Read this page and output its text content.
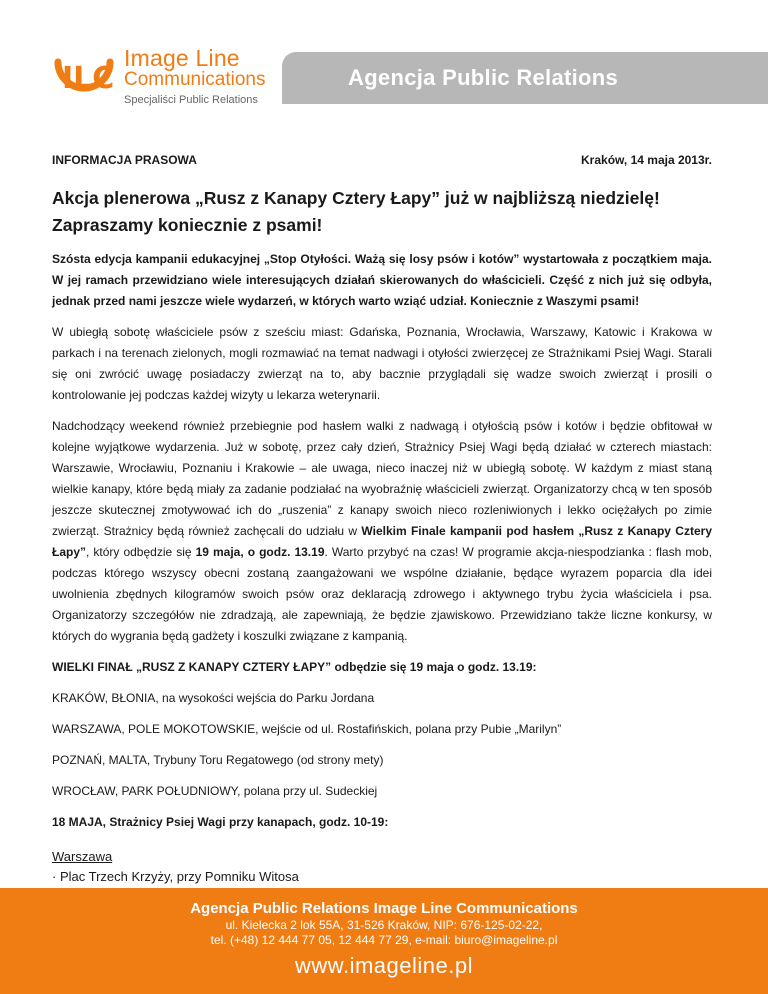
ILC
Image Line
Communications
Specjaliści Public Relations
Agencja Public Relations
INFORMACJA PRASOWA	Kraków, 14 maja 2013r.
Akcja plenerowa „Rusz z Kanapy Cztery Łapy” już w najbliższą niedzielę!
Zapraszamy koniecznie z psami!

Szósta edycja kampanii edukacyjnej „Stop Otyłości. Ważą się losy psów i kotów” wystartowała z początkiem maja. W jej ramach przewidziano wiele interesujących działań skierowanych do właścicieli. Część z nich już się odbyła, jednak przed nami jeszcze wiele wydarzeń, w których warto wziąć udział. Koniecznie z Waszymi psami!

W ubiegłą sobotę właściciele psów z sześciu miast: Gdańska, Poznania, Wrocławia, Warszawy, Katowic i Krakowa w parkach i na terenach zielonych, mogli rozmawiać na temat nadwagi i otyłości zwierzęcej ze Strażnikami Psiej Wagi. Starali się oni zwrócić uwagę posiadaczy zwierząt na to, aby bacznie przyglądali się wadze swoich zwierząt i prosili o kontrolowanie jej podczas każdej wizyty u lekarza weterynarii.

Nadchodzący weekend również przebiegnie pod hasłem walki z nadwagą i otyłością psów i kotów i będzie obfitował w kolejne wyjątkowe wydarzenia. Już w sobotę, przez cały dzień, Strażnicy Psiej Wagi będą działać w czterech miastach: Warszawie, Wrocławiu, Poznaniu i Krakowie – ale uwaga, nieco inaczej niż w ubiegłą sobotę. W każdym z miast staną wielkie kanapy, które będą miały za zadanie podziałać na wyobraźnię właścicieli zwierząt. Organizatorzy chcą w ten sposób jeszcze skutecznej zmotywować ich do „ruszenia” z kanapy swoich nieco rozleniwionych i lekko ociężałych po zimie zwierząt. Strażnicy będą również zachęcali do udziału w Wielkim Finale kampanii pod hasłem „Rusz z Kanapy Cztery Łapy”, który odbędzie się 19 maja, o godz. 13.19. Warto przybyć na czas! W programie akcja-niespodzianka : flash mob, podczas którego wszyscy obecni zostaną zaangażowani we wspólne działanie, będące wyrazem poparcia dla idei uwolnienia zbędnych kilogramów swoich psów oraz deklaracją zdrowego i aktywnego trybu życia właściciela i psa. Organizatorzy szczegółów nie zdradzają, ale zapewniają, że będzie zjawiskowo. Przewidziano także liczne konkursy, w których do wygrania będą gadżety i koszulki związane z kampanią.

WIELKI FINAŁ „RUSZ Z KANAPY CZTERY ŁAPY” odbędzie się 19 maja o godz. 13.19:

KRAKÓW, BŁONIA, na wysokości wejścia do Parku Jordana

WARSZAWA, POLE MOKOTOWSKIE, wejście od ul. Rostafińskich, polana przy Pubie „Marilyn”

POZNAŃ, MALTA, Trybuny Toru Regatowego (od strony mety)

WROCŁAW, PARK POŁUDNIOWY, polana przy ul. Sudeckiej

18 MAJA, Strażnicy Psiej Wagi przy kanapach, godz. 10-19:

Warszawa
· Plac Trzech Krzyży, przy Pomniku Witosa
Agencja Public Relations Image Line Communications
ul. Kielecka 2 lok 55A, 31-526 Kraków, NIP: 676-125-02-22,
tel. (+48) 12 444 77 05, 12 444 77 29, e-mail: biuro@imageline.pl
www.imageline.pl
